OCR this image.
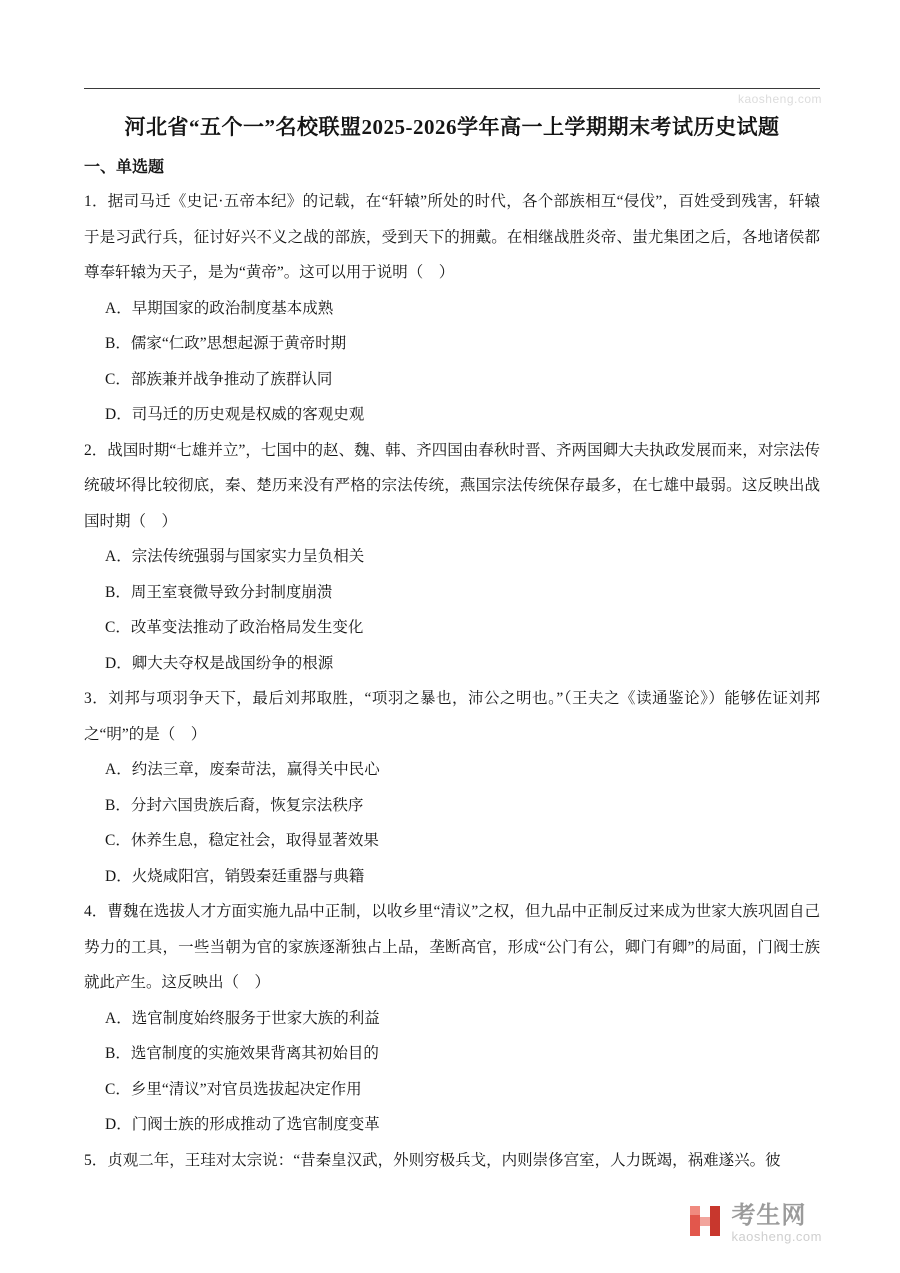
kaosheng.com
河北省“五个一”名校联盟2025-2026学年高一上学期期末考试历史试题
一、单选题
1．据司马迁《史记·五帝本纪》的记载，在“轩辕”所处的时代，各个部族相互“侵伐”，百姓受到残害，轩辕于是习武行兵，征讨好兴不义之战的部族，受到天下的拥戴。在相继战胜炎帝、蚩尤集团之后，各地诸侯都尊奉轩辕为天子，是为“黄帝”。这可以用于说明（　）
A．早期国家的政治制度基本成熟
B．儒家“仁政”思想起源于黄帝时期
C．部族兼并战争推动了族群认同
D．司马迁的历史观是权威的客观史观
2．战国时期“七雄并立”，七国中的赵、魏、韩、齐四国由春秋时晋、齐两国卿大夫执政发展而来，对宗法传统破坏得比较彻底，秦、楚历来没有严格的宗法传统，燕国宗法传统保存最多，在七雄中最弱。这反映出战国时期（　）
A．宗法传统强弱与国家实力呈负相关
B．周王室衰微导致分封制度崩溃
C．改革变法推动了政治格局发生变化
D．卿大夫夺权是战国纷争的根源
3．刘邦与项羽争天下，最后刘邦取胜，“项羽之暴也，沛公之明也。”（王夫之《读通鉴论》）能够佐证刘邦之“明”的是（　）
A．约法三章，废秦苛法，赢得关中民心
B．分封六国贵族后裔，恢复宗法秩序
C．休养生息，稳定社会，取得显著效果
D．火烧咸阳宫，销毁秦廷重器与典籍
4．曹魏在选拔人才方面实施九品中正制，以收乡里“清议”之权，但九品中正制反过来成为世家大族巩固自己势力的工具，一些当朝为官的家族逐渐独占上品，垄断高官，形成“公门有公，卿门有卿”的局面，门阀士族就此产生。这反映出（　）
A．选官制度始终服务于世家大族的利益
B．选官制度的实施效果背离其初始目的
C．乡里“清议”对官员选拔起决定作用
D．门阀士族的形成推动了选官制度变革
5．贞观二年，王珪对太宗说：“昔秦皇汉武，外则穷极兵戈，内则崇侈宫室，人力既竭，祸难遂兴。彼
考生网
kaosheng.com
